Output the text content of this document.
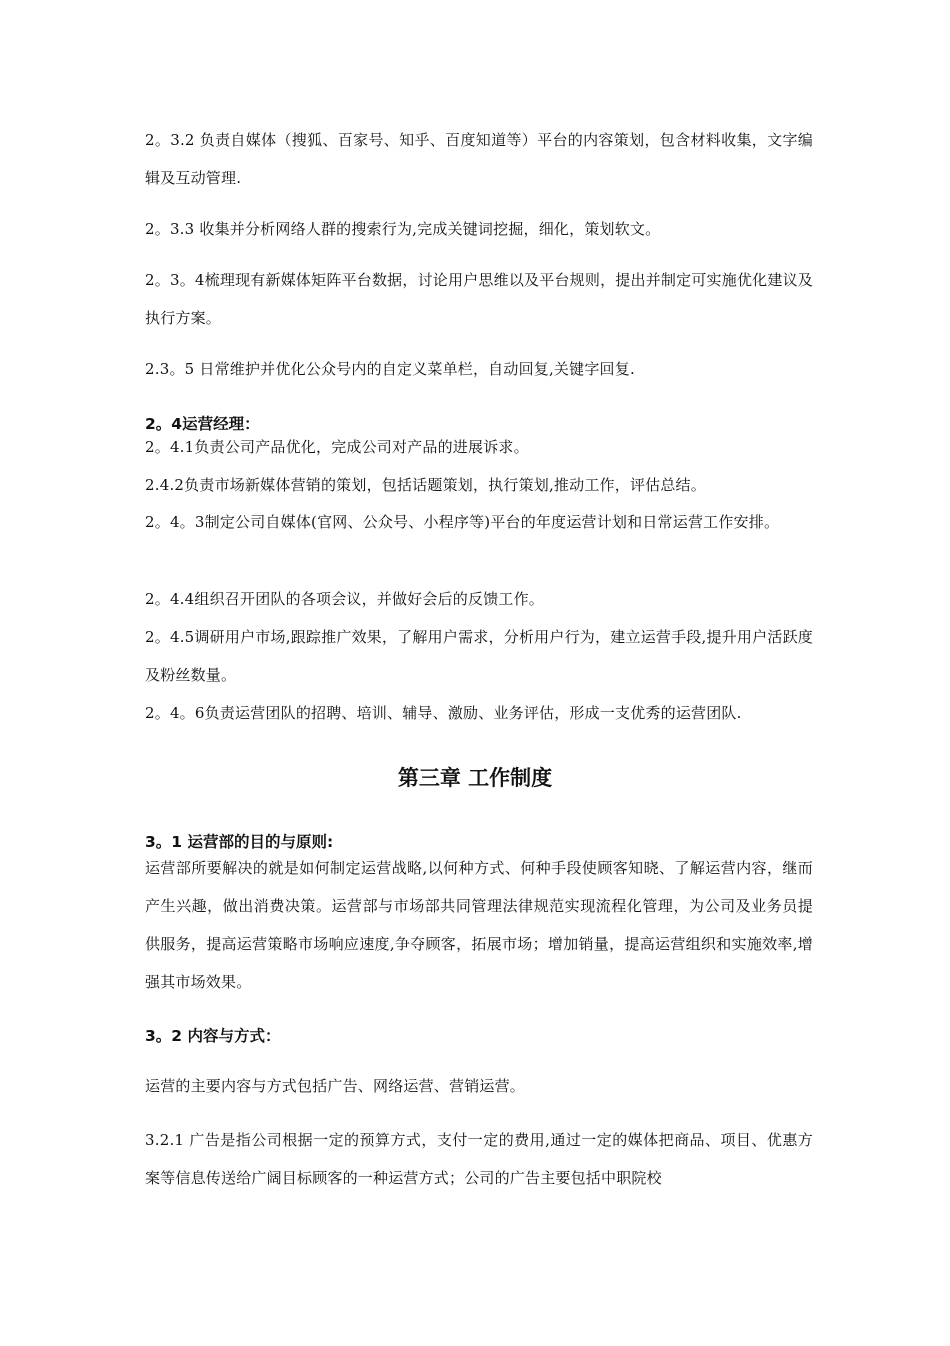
2。3.2 负责自媒体（搜狐、百家号、知乎、百度知道等）平台的内容策划，包含材料收集，文字编辑及互动管理.

2。3.3 收集并分析网络人群的搜索行为,完成关键词挖掘，细化，策划软文。

2。3。4梳理现有新媒体矩阵平台数据，讨论用户思维以及平台规则，提出并制定可实施优化建议及执行方案。

2.3。5 日常维护并优化公众号内的自定义菜单栏，自动回复,关键字回复.

2。4运营经理：

2。4.1负责公司产品优化，完成公司对产品的进展诉求。

2.4.2负责市场新媒体营销的策划，包括话题策划，执行策划,推动工作，评估总结。

2。4。3制定公司自媒体(官网、公众号、小程序等)平台的年度运营计划和日常运营工作安排。

2。4.4组织召开团队的各项会议，并做好会后的反馈工作。

2。4.5调研用户市场,跟踪推广效果，了解用户需求，分析用户行为，建立运营手段,提升用户活跃度及粉丝数量。

2。4。6负责运营团队的招聘、培训、辅导、激励、业务评估，形成一支优秀的运营团队.

第三章 工作制度
3。1 运营部的目的与原则:

运营部所要解决的就是如何制定运营战略,以何种方式、何种手段使顾客知晓、了解运营内容，继而产生兴趣，做出消费决策。运营部与市场部共同管理法律规范实现流程化管理，为公司及业务员提供服务，提高运营策略市场响应速度,争夺顾客，拓展市场；增加销量，提高运营组织和实施效率,增强其市场效果。

3。2 内容与方式：

运营的主要内容与方式包括广告、网络运营、营销运营。

3.2.1 广告是指公司根据一定的预算方式，支付一定的费用,通过一定的媒体把商品、项目、优惠方案等信息传送给广阔目标顾客的一种运营方式；公司的广告主要包括中职院校
